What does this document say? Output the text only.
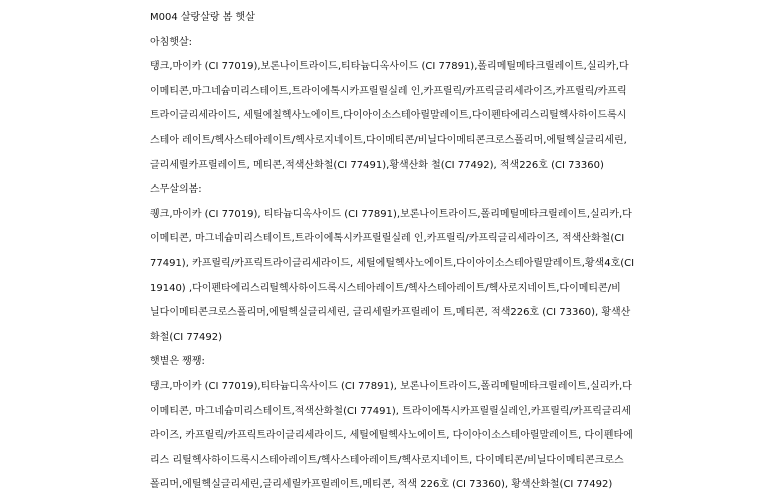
M004 살랑살랑 봄 햇살
아침햇살:
탱크,마이카 (CI 77019),보론나이트라이드,티타늄디옥사이드 (CI 77891),폴리메틸메타크릴레이트,실리카,다
이메티콘,마그네슘미리스테이트,트라이에톡시카프릴릴실레 인,카프릴릭/카프릭글리세라이즈,카프릴릭/카프릭
트라이글리세라이드, 세틸에칠헥사노에이트,다이아이소스테아릴말레이트,다이펜타에리스리틸헥사하이드록시
스테아 레이트/헥사스테아레이트/헥사로지네이트,다이메티콘/비닐다이메티콘크로스폴리머,에틸헥실글리세린,
글리세릴카프릴레이트, 메티콘,적색산화철(CI 77491),황색산화 철(CI 77492), 적색226호 (CI 73360)
스무살의봄:
퀭크,마이카 (CI 77019), 티타늄디옥사이드 (CI 77891),보론나이트라이드,폴리메틸메타크릴레이트,실리카,다
이메티콘, 마그네슘미리스테이트,트라이에톡시카프릴릴실레 인,카프릴릭/카프릭글리세라이즈, 적색산화철(CI
77491), 카프릴릭/카프릭트라이글리세라이드, 세틸에틸헥사노에이트,다이아이소스테아릴말레이트,황색4호(CI
19140) ,다이펜타에리스리틸헥사하이드록시스테아레이트/헥사스테아레이트/헥사로지네이트,다이메티콘/비
닐다이메티콘크로스폴리머,에틸헥실글리세린, 글리세릴카프릴레이 트,메티콘, 적색226호 (CI 73360), 황색산
화철(CI 77492)
햇볕은 쨍쨍:
탱크,마이카 (CI 77019),티타늄디옥사이드 (CI 77891), 보론나이트라이드,폴리메틸메타크릴레이트,실리카,다
이메티콘, 마그네슘미리스테이트,적색산화철(CI 77491), 트라이에톡시카프릴릴실레인,카프릴릭/카프릭글리세
라이즈, 카프릴릭/카프릭트라이글리세라이드, 세틸에틸헥사노에이트, 다이아이소스테아릴말레이트, 다이펜타에
리스 리틸헥사하이드록시스테아레이트/헥사스테아레이트/헥사로지네이트, 다이메티콘/비닐다이메티콘크로스
폴리머,에틸헥실글리세린,글리세릴카프릴레이트,메티콘, 적색 226호 (CI 73360), 황색산화철(CI 77492)
